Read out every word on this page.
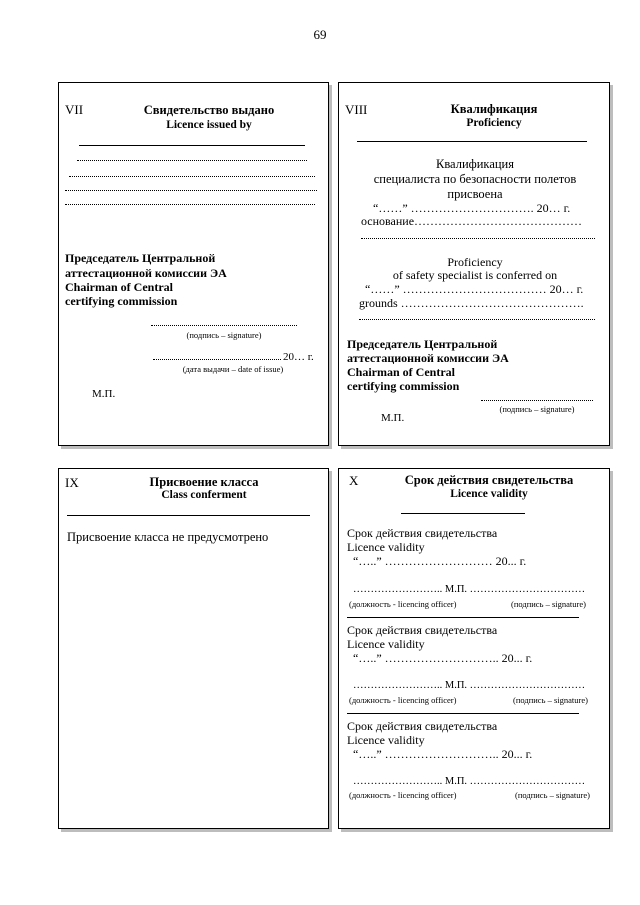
69
VII	Свидетельство выдано
Licence issued by
Председатель Центральной
аттестационной комиссии ЭА
Chairman of Central
certifying commission
(подпись – signature)
20… г.
(дата выдачи – date of issue)
М.П.
VIII	Квалификация
Proficiency
Квалификация
специалиста по безопасности полетов
присвоена
“……” …………………………. 20… г.
основание……………………………………
Proficiency
of safety specialist is conferred on
“……” ……………………………… 20… г.
grounds ……………………………………….
Председатель Центральной
аттестационной комиссии ЭА
Chairman of Central
certifying commission
(подпись – signature)
М.П.
IX	Присвоение класса
Class conferment
Присвоение класса не предусмотрено
X	Срок действия свидетельства
Licence validity
Срок действия свидетельства
Licence validity
“…..” ……………………… 20... г.
…………………….. М.П. ……………………………
(должность - licencing officer)	(подпись – signature)
Срок действия свидетельства
Licence validity
“…..” ……………………….. 20... г.
…………………….. М.П. ……………………………
(должность - licencing officer)	(подпись – signature)
Срок действия свидетельства
Licence validity
“…..” ……………………….. 20... г.
…………………….. М.П. ……………………………
(должность - licencing officer)	(подпись – signature)
